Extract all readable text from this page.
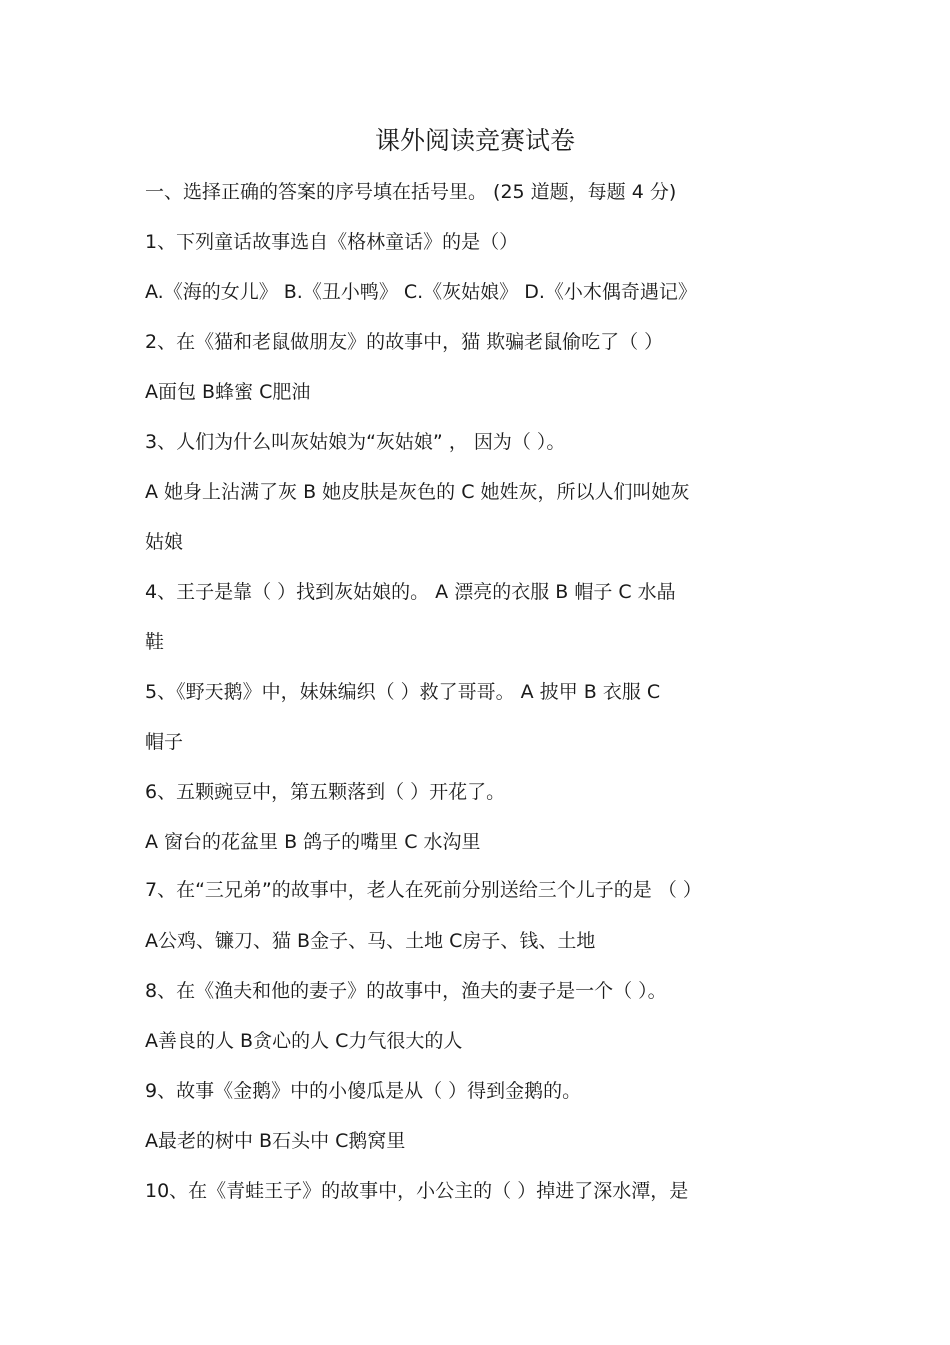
课外阅读竞赛试卷
一、选择正确的答案的序号填在括号里。 (25 道题，每题 4 分)
1、下列童话故事选自《格林童话》的是（）
A.《海的女儿》 B.《丑小鸭》 C.《灰姑娘》 D.《小木偶奇遇记》
2、在《猫和老鼠做朋友》的故事中，猫 欺骗老鼠偷吃了（ ）
A面包 B蜂蜜 C肥油
3、人们为什么叫灰姑娘为“灰姑娘” ， 因为（ ）。
A 她身上沾满了灰 B 她皮肤是灰色的 C 她姓灰，所以人们叫她灰
姑娘
4、王子是靠（ ）找到灰姑娘的。 A 漂亮的衣服 B 帽子 C 水晶
鞋
5、《野天鹅》中，妹妹编织（ ）救了哥哥。 A 披甲 B 衣服 C
帽子
6、五颗豌豆中，第五颗落到（ ）开花了。
A 窗台的花盆里 B 鸽子的嘴里 C 水沟里
7、在“三兄弟”的故事中，老人在死前分别送给三个儿子的是 （ ）
A公鸡、镰刀、猫 B金子、马、土地 C房子、钱、土地
8、在《渔夫和他的妻子》的故事中，渔夫的妻子是一个（ ）。
A善良的人 B贪心的人 C力气很大的人
9、故事《金鹅》中的小傻瓜是从（ ）得到金鹅的。
A最老的树中 B石头中 C鹅窝里
10、在《青蛙王子》的故事中，小公主的（ ）掉进了深水潭，是
